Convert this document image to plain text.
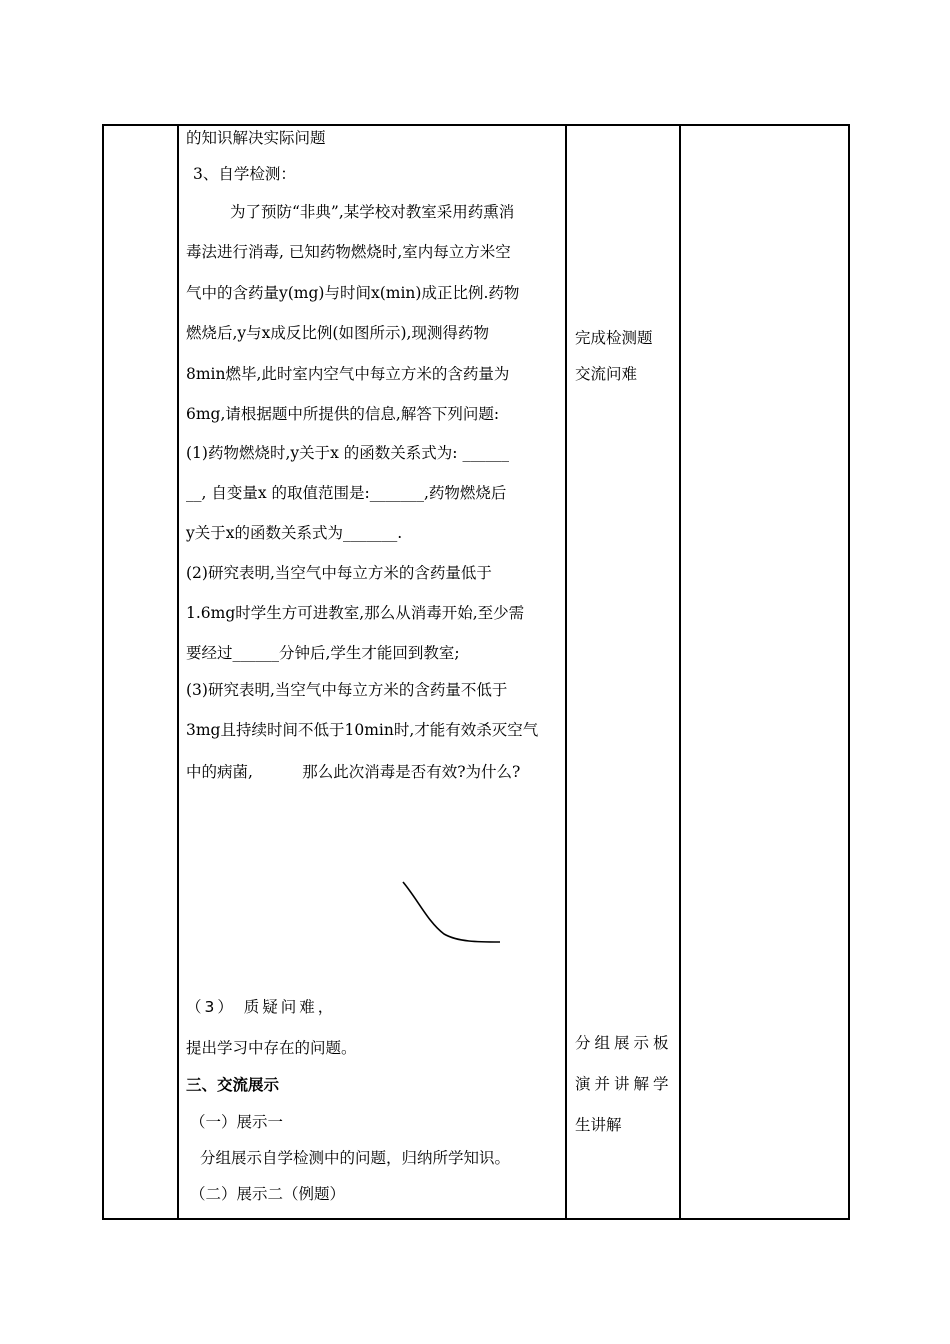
的知识解决实际问题
3、自学检测：
为了预防“非典”,某学校对教室采用药熏消
毒法进行消毒, 已知药物燃烧时,室内每立方米空
气中的含药量y(mg)与时间x(min)成正比例.药物
燃烧后,y与x成反比例(如图所示),现测得药物
8min燃毕,此时室内空气中每立方米的含药量为
6mg,请根据题中所提供的信息,解答下列问题:
(1)药物燃烧时,y关于x 的函数关系式为: ______
__, 自变量x 的取值范围是:_______,药物燃烧后
y关于x的函数关系式为_______.
(2)研究表明,当空气中每立方米的含药量低于
1.6mg时学生方可进教室,那么从消毒开始,至少需
要经过______分钟后,学生才能回到教室;
(3)研究表明,当空气中每立方米的含药量不低于
3mg且持续时间不低于10min时,才能有效杀灭空气
中的病菌,          那么此次消毒是否有效?为什么?
（3） 质疑问难，
提出学习中存在的问题。
三、交流展示
（一）展示一
分组展示自学检测中的问题，归纳所学知识。
（二）展示二（例题）
完成检测题
交流问难
分组展示板
演并讲解学
生讲解
